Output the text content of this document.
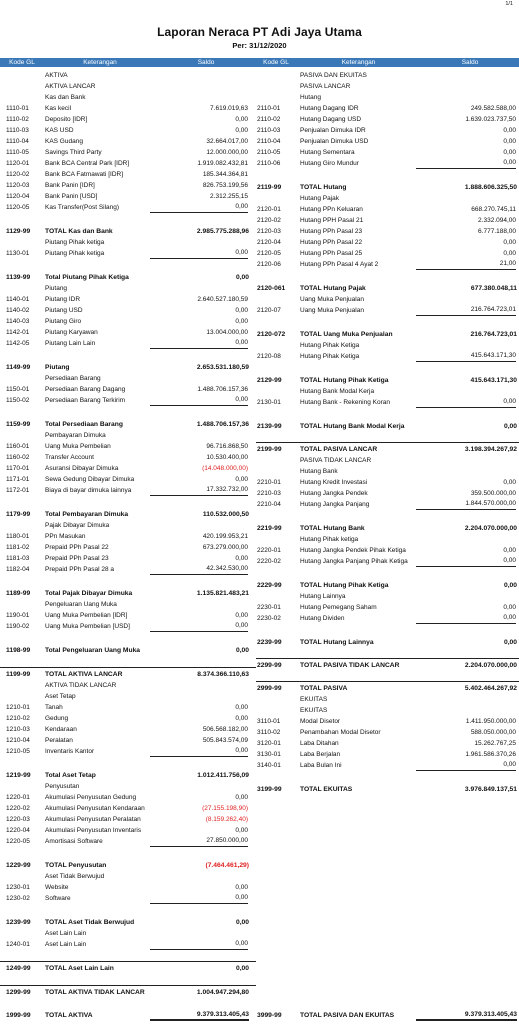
1/1
Laporan Neraca PT Adi Jaya Utama
Per: 31/12/2020
Kode GL	Keterangan	Saldo	Kode GL	Keterangan	Saldo
AKTIVA
AKTIVA LANCAR
Kas dan Bank
1110-01	Kas kecil	7.619.019,63
1110-02	Deposito [IDR]	0,00
1110-03	KAS USD	0,00
1110-04	KAS Gudang	32.664.017,00
1110-05	Savings Third Party	12.000.000,00
1120-01	Bank BCA Central Park [IDR]	1.919.082.432,81
1120-02	Bank BCA Fatmawati [IDR]	185.344.364,81
1120-03	Bank Panin [IDR]	826.753.199,56
1120-04	Bank Panin [USD]	2.312.255,15
1120-05	Kas Transfer(Post Silang)	0,00
1129-99	TOTAL Kas dan Bank	2.985.775.288,96
Piutang Pihak ketiga
1130-01	Piutang Pihak ketiga	0,00
1139-99	Total Piutang Pihak Ketiga	0,00
Piutang
1140-01	Piutang IDR	2.640.527.180,59
1140-02	Piutang USD	0,00
1140-03	Piutang Giro	0,00
1142-01	Piutang Karyawan	13.004.000,00
1142-05	Piutang Lain Lain	0,00
1149-99	Piutang	2.653.531.180,59
Persediaan Barang
1150-01	Persediaan Barang Dagang	1.488.706.157,36
1150-02	Persediaan Barang Terkirim	0,00
1159-99	Total Persediaan Barang	1.488.706.157,36
Pembayaran Dimuka
1160-01	Uang Muka Pembelian	96.716.868,50
1160-02	Transfer Account	10.530.400,00
1170-01	Asuransi Dibayar Dimuka	(14.048.000,00)
1171-01	Sewa Gedung Dibayar Dimuka	0,00
1172-01	Biaya di bayar dimuka lainnya	17.332.732,00
1179-99	Total Pembayaran Dimuka	110.532.000,50
Pajak Dibayar Dimuka
1180-01	PPn Masukan	420.199.953,21
1181-02	Prepaid PPh Pasal 22	673.279.000,00
1181-03	Prepaid PPh Pasal 23	0,00
1182-04	Prepaid PPh Pasal 28 a	42.342.530,00
1189-99	Total Pajak Dibayar Dimuka	1.135.821.483,21
Pengeluaran Uang Muka
1190-01	Uang Muka Pembelian [IDR]	0,00
1190-02	Uang Muka Pembelian [USD]	0,00
1198-99	Total Pengeluaran Uang Muka	0,00
1199-99	TOTAL AKTIVA LANCAR	8.374.366.110,63
AKTIVA TIDAK LANCAR
Aset Tetap
1210-01	Tanah	0,00
1210-02	Gedung	0,00
1210-03	Kendaraan	506.568.182,00
1210-04	Peralatan	505.843.574,09
1210-05	Inventaris Kantor	0,00
1219-99	Total Aset Tetap	1.012.411.756,09
Penyusutan
1220-01	Akumulasi Penyusutan Gedung	0,00
1220-02	Akumulasi Penyusutan Kendaraan	(27.155.198,90)
1220-03	Akumulasi Penyusutan Peralatan	(8.159.262,40)
1220-04	Akumulasi Penyusutan Inventaris	0,00
1220-05	Amortisasi Software	27.850.000,00
1229-99	TOTAL Penyusutan	(7.464.461,29)
Aset Tidak Berwujud
1230-01	Website	0,00
1230-02	Software	0,00
1239-99	TOTAL Aset Tidak Berwujud	0,00
Aset Lain Lain
1240-01	Aset Lain Lain	0,00
1249-99	TOTAL Aset Lain Lain	0,00
1299-99	TOTAL AKTIVA TIDAK LANCAR	1.004.947.294,80
1999-99	TOTAL AKTIVA	9.379.313.405,43
PASIVA DAN EKUITAS
PASIVA LANCAR
Hutang
2110-01	Hutang Dagang IDR	249.582.588,00
2110-02	Hutang Dagang USD	1.639.023.737,50
2110-03	Penjualan Dimuka IDR	0,00
2110-04	Penjualan Dimuka USD	0,00
2110-05	Hutang Sementara	0,00
2110-06	Hutang Giro Mundur	0,00
2119-99	TOTAL Hutang	1.888.606.325,50
Hutang Pajak
2120-01	Hutang PPn Keluaran	668.270.745,11
2120-02	Hutang PPH Pasal 21	2.332.094,00
2120-03	Hutang PPh Pasal 23	6.777.188,00
2120-04	Hutang PPh Pasal 22	0,00
2120-05	Hutang PPh Pasal 25	0,00
2120-06	Hutang PPh Pasal 4 Ayat 2	21,00
2120-061	TOTAL Hutang Pajak	677.380.048,11
Uang Muka Penjualan
2120-07	Uang Muka Penjualan	216.764.723,01
2120-072	TOTAL Uang Muka Penjualan	216.764.723,01
Hutang Pihak Ketiga
2120-08	Hutang Pihak Ketiga	415.643.171,30
2129-99	TOTAL Hutang Pihak Ketiga	415.643.171,30
Hutang Bank Modal Kerja
2130-01	Hutang Bank - Rekening Koran	0,00
2139-99	TOTAL Hutang Bank Modal Kerja	0,00
2199-99	TOTAL PASIVA LANCAR	3.198.394.267,92
PASIVA TIDAK LANCAR
Hutang Bank
2210-01	Hutang Kredit Investasi	0,00
2210-03	Hutang Jangka Pendek	359.500.000,00
2210-04	Hutang Jangka Panjang	1.844.570.000,00
2219-99	TOTAL Hutang Bank	2.204.070.000,00
Hutang Pihak ketiga
2220-01	Hutang Jangka Pendek Pihak Ketiga	0,00
2220-02	Hutang Jangka Panjang Pihak Ketiga	0,00
2229-99	TOTAL Hutang Pihak Ketiga	0,00
Hutang Lainnya
2230-01	Hutang Pemegang Saham	0,00
2230-02	Hutang Dividen	0,00
2239-99	TOTAL Hutang Lainnya	0,00
2299-99	TOTAL PASIVA TIDAK LANCAR	2.204.070.000,00
2999-99	TOTAL PASIVA	5.402.464.267,92
EKUITAS
EKUITAS
3110-01	Modal Disetor	1.411.950.000,00
3110-02	Penambahan Modal Disetor	588.050.000,00
3120-01	Laba Ditahan	15.262.767,25
3130-01	Laba Berjalan	1.961.586.370,26
3140-01	Laba Bulan Ini	0,00
3199-99	TOTAL EKUITAS	3.976.849.137,51
3999-99	TOTAL PASIVA DAN EKUITAS	9.379.313.405,43
